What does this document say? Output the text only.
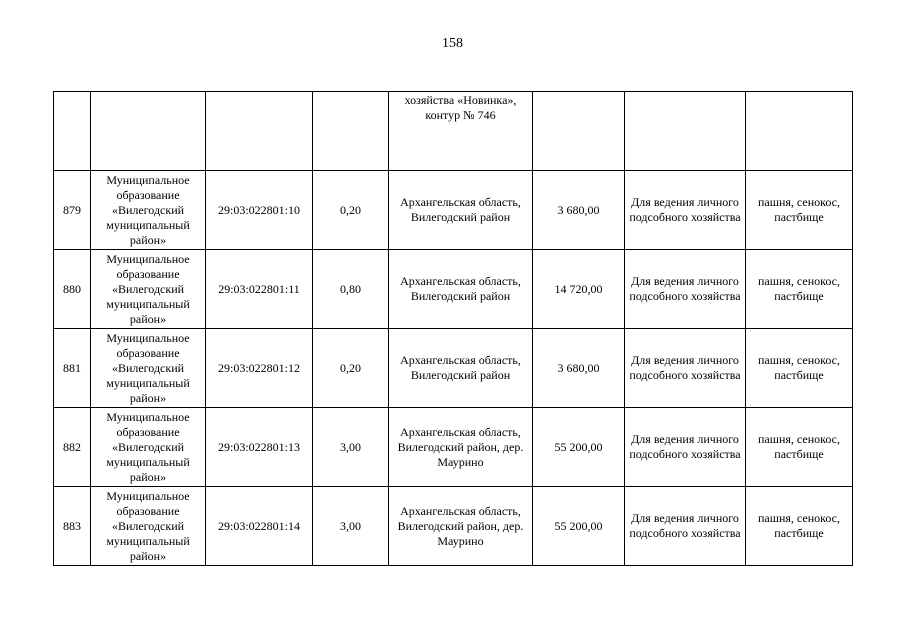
158
				хозяйства «Новинка», контур № 746			
879	Муниципальное образование «Вилегодский муниципальный район»	29:03:022801:10	0,20	Архангельская область, Вилегодский район	3 680,00	Для ведения личного подсобного хозяйства	пашня, сенокос, пастбище
880	Муниципальное образование «Вилегодский муниципальный район»	29:03:022801:11	0,80	Архангельская область, Вилегодский район	14 720,00	Для ведения личного подсобного хозяйства	пашня, сенокос, пастбище
881	Муниципальное образование «Вилегодский муниципальный район»	29:03:022801:12	0,20	Архангельская область, Вилегодский район	3 680,00	Для ведения личного подсобного хозяйства	пашня, сенокос, пастбище
882	Муниципальное образование «Вилегодский муниципальный район»	29:03:022801:13	3,00	Архангельская область, Вилегодский район, дер. Маурино	55 200,00	Для ведения личного подсобного хозяйства	пашня, сенокос, пастбище
883	Муниципальное образование «Вилегодский муниципальный район»	29:03:022801:14	3,00	Архангельская область, Вилегодский район, дер. Маурино	55 200,00	Для ведения личного подсобного хозяйства	пашня, сенокос, пастбище
